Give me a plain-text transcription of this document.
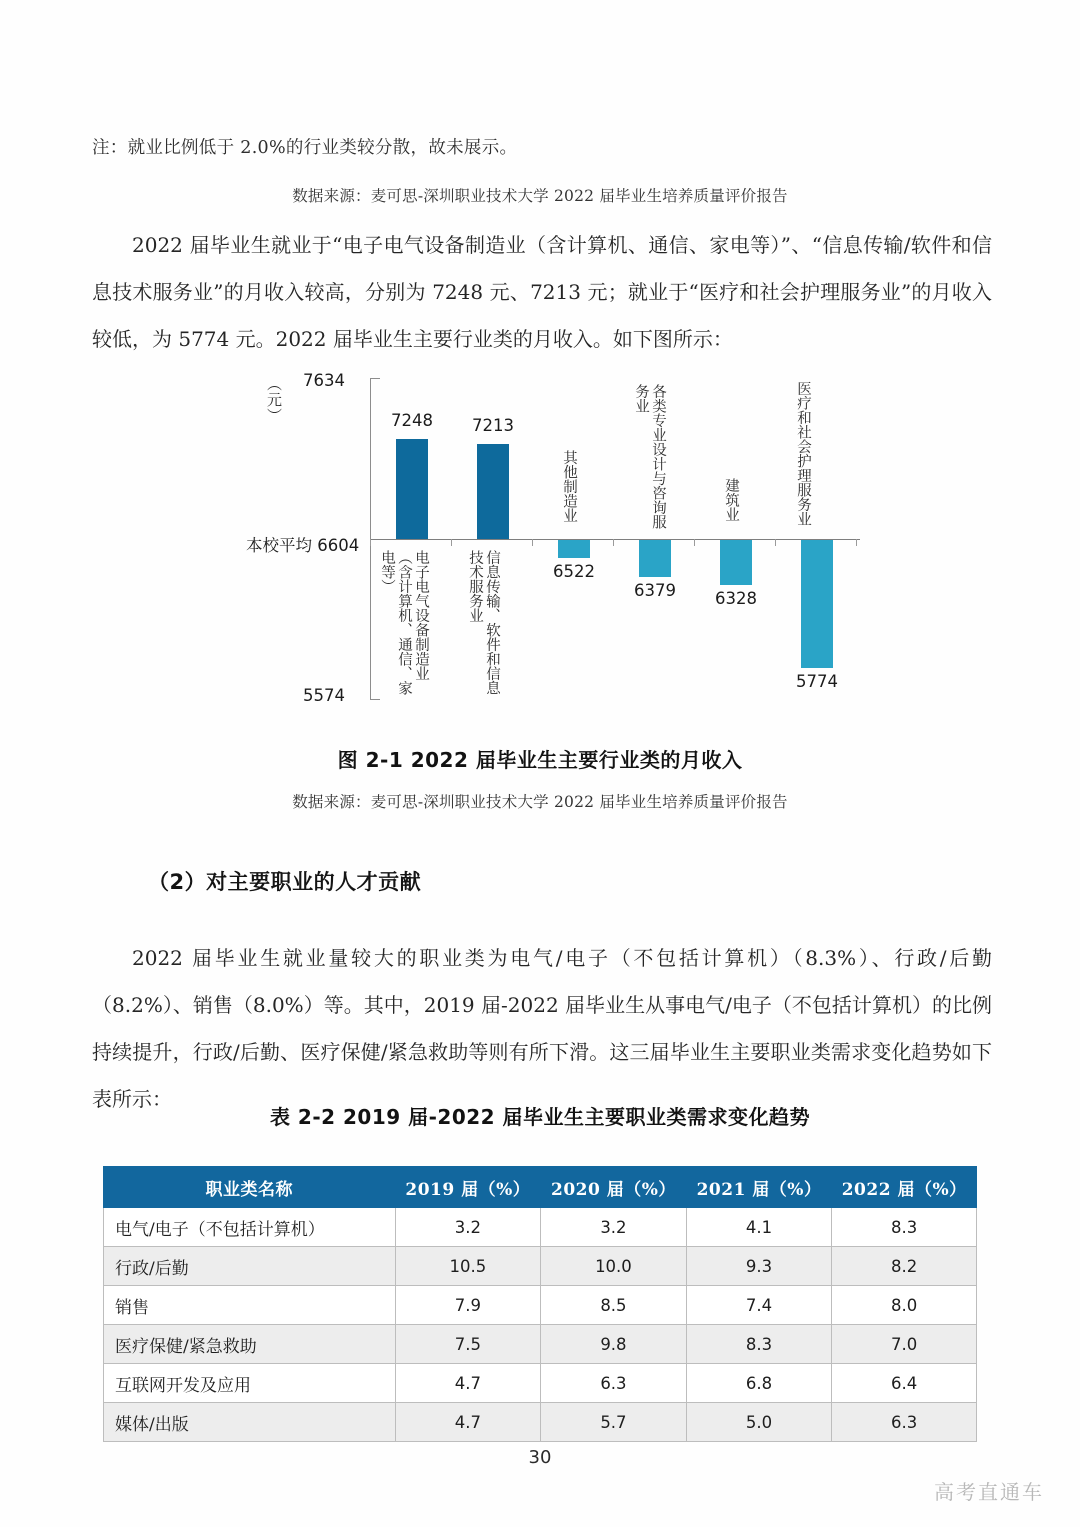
注：就业比例低于 2.0%的行业类较分散，故未展示。
数据来源：麦可思-深圳职业技术大学 2022 届毕业生培养质量评价报告
2022 届毕业生就业于“电子电气设备制造业（含计算机、通信、家电等）”、“信息传输/软件和信息技术服务业”的月收入较高，分别为 7248 元、7213 元；就业于“医疗和社会护理服务业”的月收入较低，为 5774 元。2022 届毕业生主要行业类的月收入。如下图所示：
（元） 7634
本校平均 6604
5574
7248
电子电气设备制造业（含计算机、通信、家电等）
7213
信息传输、软件和信息技术服务业	6522
其他制造业
6379
各类专业设计与咨询服务业
6328
建筑业
5774
医疗和社会护理服务业
图 2-1 2022 届毕业生主要行业类的月收入
数据来源：麦可思-深圳职业技术大学 2022 届毕业生培养质量评价报告
（2）对主要职业的人才贡献
2022 届毕业生就业量较大的职业类为电气/电子（不包括计算机）（8.3%）、行政/后勤（8.2%）、销售（8.0%）等。其中，2019 届-2022 届毕业生从事电气/电子（不包括计算机）的比例持续提升，行政/后勤、医疗保健/紧急救助等则有所下滑。这三届毕业生主要职业类需求变化趋势如下表所示：
表 2-2 2019 届-2022 届毕业生主要职业类需求变化趋势
职业类名称	2019 届（%）	2020 届（%）	2021 届（%）	2022 届（%）
电气/电子（不包括计算机）	3.2	3.2	4.1	8.3
行政/后勤	10.5	10.0	9.3	8.2
销售	7.9	8.5	7.4	8.0
医疗保健/紧急救助	7.5	9.8	8.3	7.0
互联网开发及应用	4.7	6.3	6.8	6.4
媒体/出版	4.7	5.7	5.0	6.3
30
高考直通车
